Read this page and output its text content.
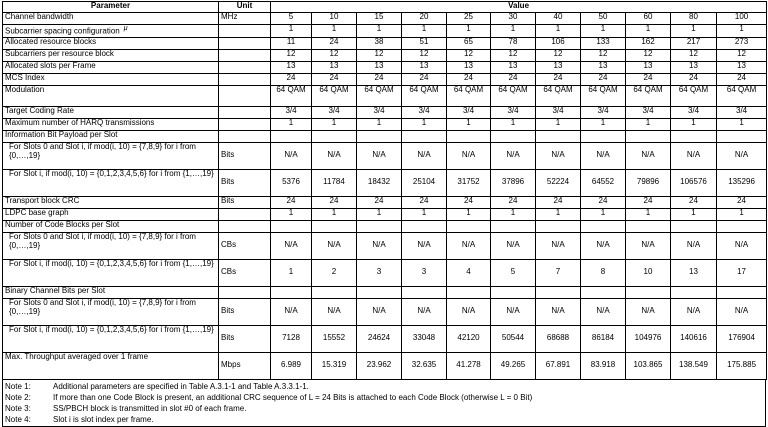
Parameter	Unit	Value										
Channel bandwidth	MHz	5	10	15	20	25	30	40	50	60	80	100
Subcarrier spacing configuration μ		1	1	1	1	1	1	1	1	1	1	1
Allocated resource blocks		11	24	38	51	65	78	106	133	162	217	273
Subcarriers per resource block		12	12	12	12	12	12	12	12	12	12	12
Allocated slots per Frame		13	13	13	13	13	13	13	13	13	13	13
MCS Index		24	24	24	24	24	24	24	24	24	24	24
Modulation		64 QAM	64 QAM	64 QAM	64 QAM	64 QAM	64 QAM	64 QAM	64 QAM	64 QAM	64 QAM	64 QAM
Target Coding Rate		3/4	3/4	3/4	3/4	3/4	3/4	3/4	3/4	3/4	3/4	3/4
Maximum number of HARQ transmissions		1	1	1	1	1	1	1	1	1	1	1
Information Bit Payload per Slot												
For Slots 0 and Slot i, if mod(i, 10) = {7,8,9} for i from {0,…,19}	Bits	N/A	N/A	N/A	N/A	N/A	N/A	N/A	N/A	N/A	N/A	N/A
For Slot i, if mod(i, 10) = {0,1,2,3,4,5,6} for i from {1,…,19}	Bits	5376	11784	18432	25104	31752	37896	52224	64552	79896	106576	135296
Transport block CRC	Bits	24	24	24	24	24	24	24	24	24	24	24
LDPC base graph		1	1	1	1	1	1	1	1	1	1	1
Number of Code Blocks per Slot												
For Slots 0 and Slot i, if mod(i, 10) = {7,8,9} for i from {0,…,19}	CBs	N/A	N/A	N/A	N/A	N/A	N/A	N/A	N/A	N/A	N/A	N/A
For Slot i, if mod(i, 10) = {0,1,2,3,4,5,6} for i from {1,…,19}	CBs	1	2	3	3	4	5	7	8	10	13	17
Binary Channel Bits per Slot												
For Slots 0 and Slot i, if mod(i, 10) = {7,8,9} for i from {0,…,19}	Bits	N/A	N/A	N/A	N/A	N/A	N/A	N/A	N/A	N/A	N/A	N/A
For Slot i, if mod(i, 10) = {0,1,2,3,4,5,6} for i from {1,…,19}	Bits	7128	15552	24624	33048	42120	50544	68688	86184	104976	140616	176904
Max. Throughput averaged over 1 frame	Mbps	6.989	15.319	23.962	32.635	41.278	49.265	67.891	83.918	103.865	138.549	175.885
Note 1:	Additional parameters are specified in Table A.3.1-1 and Table A.3.3.1-1.
Note 2:	If more than one Code Block is present, an additional CRC sequence of L = 24 Bits is attached to each Code Block (otherwise L = 0 Bit)
Note 3:	SS/PBCH block is transmitted in slot #0 of each frame.
Note 4:	Slot i is slot index per frame.
